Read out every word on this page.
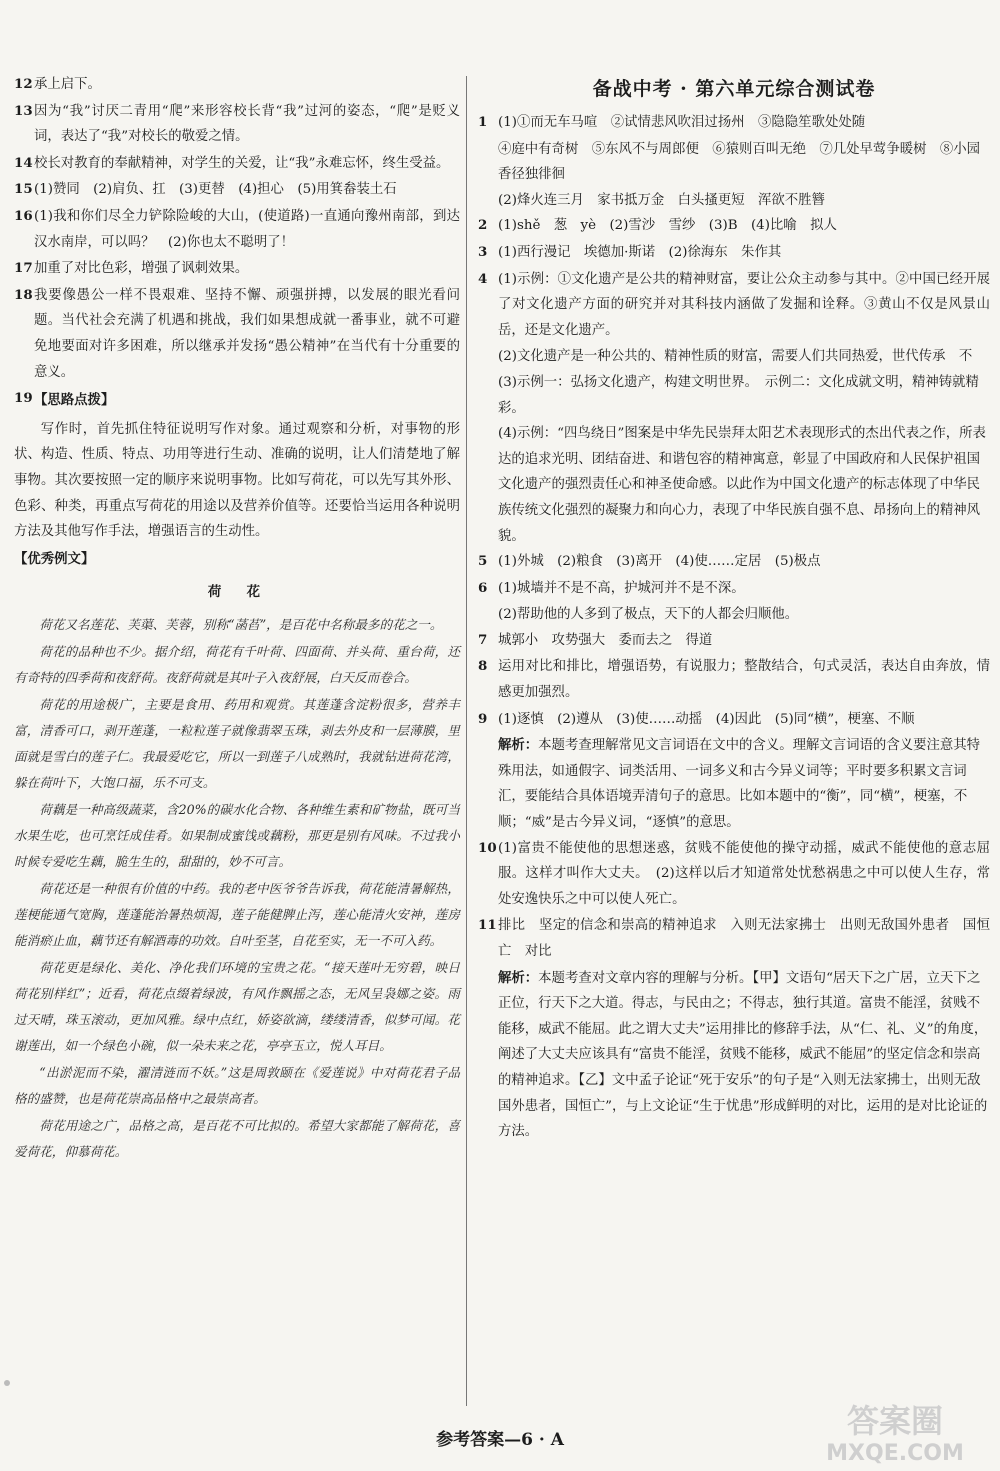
12 承上启下。
13 因为“我”讨厌二青用“爬”来形容校长背“我”过河的姿态，“爬”是贬义词，表达了“我”对校长的敬爱之情。
14 校长对教育的奉献精神，对学生的关爱，让“我”永难忘怀，终生受益。
15 (1)赞同　(2)肩负、扛　(3)更替　(4)担心　(5)用箕畚装土石
16 (1)我和你们尽全力铲除险峻的大山，(使道路)一直通向豫州南部，到达汉水南岸，可以吗？　(2)你也太不聪明了！
17 加重了对比色彩，增强了讽刺效果。
18 我要像愚公一样不畏艰难、坚持不懈、顽强拼搏，以发展的眼光看问题。当代社会充满了机遇和挑战，我们如果想成就一番事业，就不可避免地要面对许多困难，所以继承并发扬“愚公精神”在当代有十分重要的意义。
19 【思路点拨】
写作时，首先抓住特征说明写作对象。通过观察和分析，对事物的形状、构造、性质、特点、功用等进行生动、准确的说明，让人们清楚地了解事物。其次要按照一定的顺序来说明事物。比如写荷花，可以先写其外形、色彩、种类，再重点写荷花的用途以及营养价值等。还要恰当运用各种说明方法及其他写作手法，增强语言的生动性。
【优秀例文】
荷　花
荷花又名莲花、芙蕖、芙蓉，别称“菡萏”，是百花中名称最多的花之一。
荷花的品种也不少。据介绍，荷花有千叶荷、四面荷、并头荷、重台荷，还有奇特的四季荷和夜舒荷。夜舒荷就是其叶子入夜舒展，白天反而卷合。
荷花的用途极广，主要是食用、药用和观赏。其莲蓬含淀粉很多，营养丰富，清香可口，剥开莲蓬，一粒粒莲子就像翡翠玉珠，剥去外皮和一层薄膜，里面就是雪白的莲子仁。我最爱吃它，所以一到莲子八成熟时，我就钻进荷花湾，躲在荷叶下，大饱口福，乐不可支。
荷藕是一种高级蔬菜，含20%的碳水化合物、各种维生素和矿物盐，既可当水果生吃，也可烹饪成佳肴。如果制成蜜饯或藕粉，那更是别有风味。不过我小时候专爱吃生藕，脆生生的，甜甜的，妙不可言。
荷花还是一种很有价值的中药。我的老中医爷爷告诉我，荷花能清暑解热，莲梗能通气宽胸，莲蓬能治暑热烦渴，莲子能健脾止泻，莲心能清火安神，莲房能消瘀止血，藕节还有解酒毒的功效。自叶至茎，自花至实，无一不可入药。
荷花更是绿化、美化、净化我们环境的宝贵之花。“接天莲叶无穷碧，映日荷花别样红”；近看，荷花点缀着绿波，有风作飘摇之态，无风呈袅娜之姿。雨过天晴，珠玉滚动，更加风雅。绿中点红，娇姿欲滴，缕缕清香，似梦可闻。花谢莲出，如一个绿色小碗，似一朵未来之花，亭亭玉立，悦人耳目。
“出淤泥而不染，濯清涟而不妖。”这是周敦颐在《爱莲说》中对荷花君子品格的盛赞，也是荷花崇高品格中之最崇高者。
荷花用途之广，品格之高，是百花不可比拟的。希望大家都能了解荷花，喜爱荷花，仰慕荷花。
备战中考 · 第六单元综合测试卷
1 (1)①而无车马喧　②试情悲风吹泪过扬州　③隐隐笙歌处处随
④庭中有奇树　⑤东风不与周郎便　⑥猿则百叫无绝　⑦几处早莺争暖树　⑧小园香径独徘徊
(2)烽火连三月　家书抵万金　白头搔更短　浑欲不胜簪
2 (1)shě　葱　yè　(2)雪沙　雪纱　(3)B　(4)比喻　拟人
3 (1)西行漫记　埃德加·斯诺　(2)徐海东　朱作其
4 (1)示例：①文化遗产是公共的精神财富，要让公众主动参与其中。②中国已经开展了对文化遗产方面的研究并对其科技内涵做了发掘和诠释。③黄山不仅是风景山岳，还是文化遗产。
(2)文化遗产是一种公共的、精神性质的财富，需要人们共同热爱，世代传承　不
(3)示例一：弘扬文化遗产，构建文明世界。　示例二：文化成就文明，精神铸就精彩。
(4)示例：“四鸟绕日”图案是中华先民崇拜太阳艺术表现形式的杰出代表之作，所表达的追求光明、团结奋进、和谐包容的精神寓意，彰显了中国政府和人民保护祖国文化遗产的强烈责任心和神圣使命感。以此作为中国文化遗产的标志体现了中华民族传统文化强烈的凝聚力和向心力，表现了中华民族自强不息、昂扬向上的精神风貌。
5 (1)外城　(2)粮食　(3)离开　(4)使……定居　(5)极点
6 (1)城墙并不是不高，护城河并不是不深。
(2)帮助他的人多到了极点，天下的人都会归顺他。
7 城郭小　攻势强大　委而去之　得道
8 运用对比和排比，增强语势，有说服力；整散结合，句式灵活，表达自由奔放，情感更加强烈。
9 (1)逐慎　(2)遵从　(3)使……动摇　(4)因此　(5)同“横”，梗塞、不顺
解析：本题考查理解常见文言词语在文中的含义。理解文言词语的含义要注意其特殊用法，如通假字、词类活用、一词多义和古今异义词等；平时要多积累文言词汇，要能结合具体语境弄清句子的意思。比如本题中的“衡”，同“横”，梗塞，不顺；“威”是古今异义词，“逐慎”的意思。
10 (1)富贵不能使他的思想迷惑，贫贱不能使他的操守动摇，威武不能使他的意志屈服。这样才叫作大丈夫。　(2)这样以后才知道常处忧愁祸患之中可以使人生存，常处安逸快乐之中可以使人死亡。
11 排比　坚定的信念和崇高的精神追求　入则无法家拂士　出则无敌国外患者　国恒亡　对比
解析：本题考查对文章内容的理解与分析。【甲】文语句“居天下之广居，立天下之正位，行天下之大道。得志，与民由之；不得志，独行其道。富贵不能淫，贫贱不能移，威武不能屈。此之谓大丈夫”运用排比的修辞手法，从“仁、礼、义”的角度，阐述了大丈夫应该具有“富贵不能淫，贫贱不能移，威武不能屈”的坚定信念和崇高的精神追求。【乙】文中孟子论证“死于安乐”的句子是“入则无法家拂士，出则无敌国外患者，国恒亡”，与上文论证“生于忧患”形成鲜明的对比，运用的是对比论证的方法。
参考答案—6 · A	答案圈
MXQE.COM
